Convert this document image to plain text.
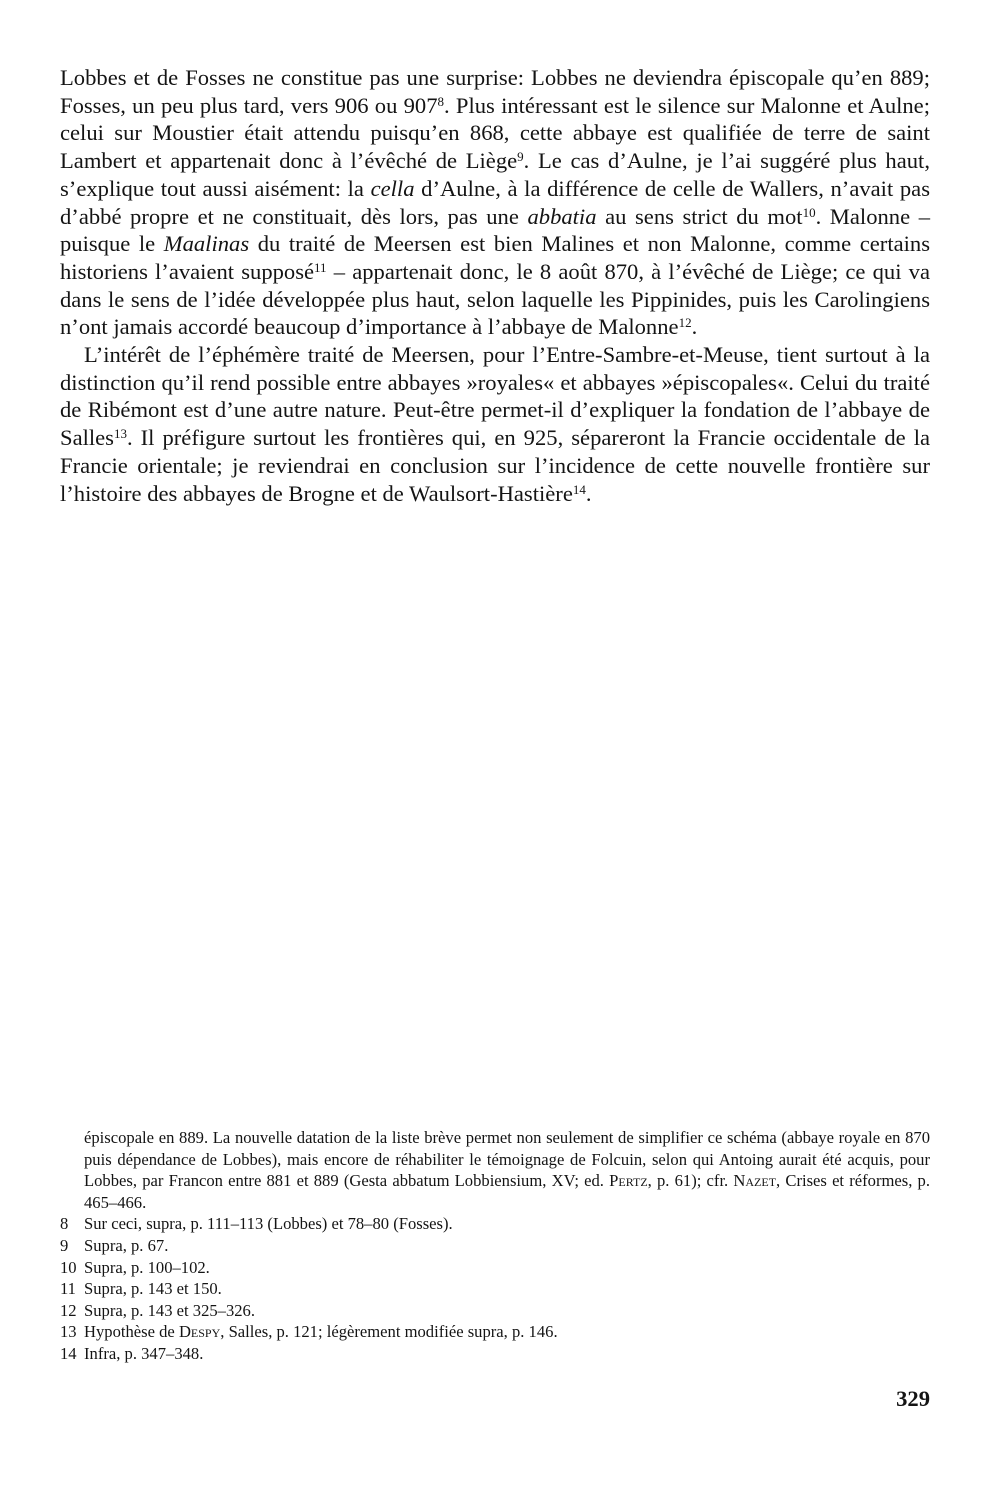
Lobbes et de Fosses ne constitue pas une surprise: Lobbes ne deviendra épiscopale qu’en 889; Fosses, un peu plus tard, vers 906 ou $907^8$. Plus intéressant est le silence sur Malonne et Aulne; celui sur Moustier était attendu puisqu’en 868, cette abbaye est qualifiée de terre de saint Lambert et appartenait donc à l’évêché de Liège$^9$. Le cas d’Aulne, je l’ai suggéré plus haut, s’explique tout aussi aisément: la cella d’Aulne, à la différence de celle de Wallers, n’avait pas d’abbé propre et ne constituait, dès lors, pas une abbatia au sens strict du mot$^{10}$. Malonne – puisque le Maalinas du traité de Meersen est bien Malines et non Malonne, comme certains historiens l’avaient supposé$^{11}$ – appartenait donc, le 8 août 870, à l’évêché de Liège; ce qui va dans le sens de l’idée développée plus haut, selon laquelle les Pippinides, puis les Carolingiens n’ont jamais accordé beaucoup d’importance à l’abbaye de Malonne$^{12}$.

L’intérêt de l’éphémère traité de Meersen, pour l’Entre-Sambre-et-Meuse, tient surtout à la distinction qu’il rend possible entre abbayes »royales« et abbayes »épiscopales«. Celui du traité de Ribémont est d’une autre nature. Peut-être permet-il d’expliquer la fondation de l’abbaye de Salles$^{13}$. Il préfigure surtout les frontières qui, en 925, sépareront la Francie occidentale de la Francie orientale; je reviendrai en conclusion sur l’incidence de cette nouvelle frontière sur l’histoire des abbayes de Brogne et de Waulsort-Hastière$^{14}$.

épiscopale en 889. La nouvelle datation de la liste brève permet non seulement de simplifier ce schéma (abbaye royale en 870 puis dépendance de Lobbes), mais encore de réhabiliter le témoignage de Folcuin, selon qui Antoing aurait été acquis, pour Lobbes, par Francon entre 881 et 889 (Gesta abbatum Lobbiensium, XV; ed. Pertz, p. 61); cfr. Nazet, Crises et réformes, p. 465–466.

8 Sur ceci, supra, p. 111–113 (Lobbes) et 78–80 (Fosses).
9 Supra, p. 67.
10 Supra, p. 100–102.
11 Supra, p. 143 et 150.
12 Supra, p. 143 et 325–326.
13 Hypothèse de Despy, Salles, p. 121; légèrement modifiée supra, p. 146.
14 Infra, p. 347–348.
329
